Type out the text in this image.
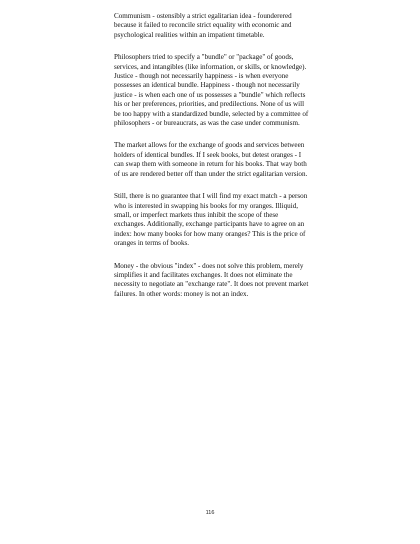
Communism - ostensibly a strict egalitarian idea - founderered because it failed to reconcile strict equality with economic and psychological realities within an impatient timetable.

Philosophers tried to specify a "bundle" or "package" of goods, services, and intangibles (like information, or skills, or knowledge). Justice - though not necessarily happiness - is when everyone possesses an identical bundle. Happiness - though not necessarily justice - is when each one of us possesses a "bundle" which reflects his or her preferences, priorities, and predilections. None of us will be too happy with a standardized bundle, selected by a committee of philosophers - or bureaucrats, as was the case under communism.

The market allows for the exchange of goods and services between holders of identical bundles. If I seek books, but detest oranges - I can swap them with someone in return for his books. That way both of us are rendered better off than under the strict egalitarian version.

Still, there is no guarantee that I will find my exact match - a person who is interested in swapping his books for my oranges. Illiquid, small, or imperfect markets thus inhibit the scope of these exchanges. Additionally, exchange participants have to agree on an index: how many books for how many oranges? This is the price of oranges in terms of books.

Money - the obvious "index" - does not solve this problem, merely simplifies it and facilitates exchanges. It does not eliminate the necessity to negotiate an "exchange rate". It does not prevent market failures. In other words: money is not an index.

116
